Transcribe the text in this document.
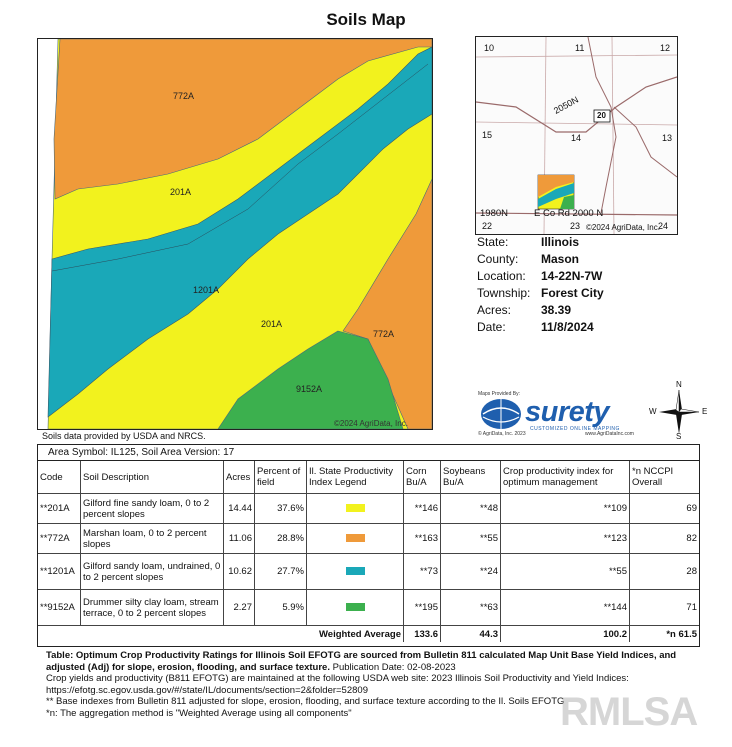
Soils Map
772A
201A
1201A
201A
772A
9152A
©2024 AgriData, Inc.
10	11	12
15	14	13
22	23	24
2050N
1980N	E Co Rd 2000 N
20
©2024 AgriData, Inc.
State:	Illinois
County: Mason
Location: 14-22N-7W
Township: Forest City
Acres: 38.39
Date:	11/8/2024
Maps Provided By:
surety
CUSTOMIZED ONLINE MAPPING
© AgriData, Inc. 2023	www.AgriDataInc.com
N
S
E
W
Soils data provided by USDA and NRCS.
Area Symbol: IL125, Soil Area Version: 17
Code	Soil Description	Acres	Percent of field	Il. State Productivity Index Legend	Corn Bu/A	Soybeans Bu/A	Crop productivity index for optimum management	*n NCCPI Overall
**201A	Gilford fine sandy loam, 0 to 2 percent slopes	14.44	37.6%		**146	**48	**109	69
**772A	Marshan loam, 0 to 2 percent slopes	11.06	28.8%		**163	**55	**123	82
**1201A	Gilford sandy loam, undrained, 0 to 2 percent slopes	10.62	27.7%		**73	**24	**55	28
**9152A	Drummer silty clay loam, stream terrace, 0 to 2 percent slopes	2.27	5.9%		**195	**63	**144	71
			Weighted Average		133.6	44.3	100.2	*n 61.5
Table: Optimum Crop Productivity Ratings for Illinois Soil EFOTG are sourced from Bulletin 811 calculated Map Unit Base Yield Indices, and adjusted (Adj) for slope, erosion, flooding, and surface texture. Publication Date: 02-08-2023
Crop yields and productivity (B811 EFOTG) are maintained at the following USDA web site: 2023 Illinois Soil Productivity and Yield Indices:
https://efotg.sc.egov.usda.gov/#/state/IL/documents/section=2&folder=52809
** Base indexes from Bulletin 811 adjusted for slope, erosion, flooding, and surface texture according to the Il. Soils EFOTG
*n: The aggregation method is "Weighted Average using all components"	RMLSA
